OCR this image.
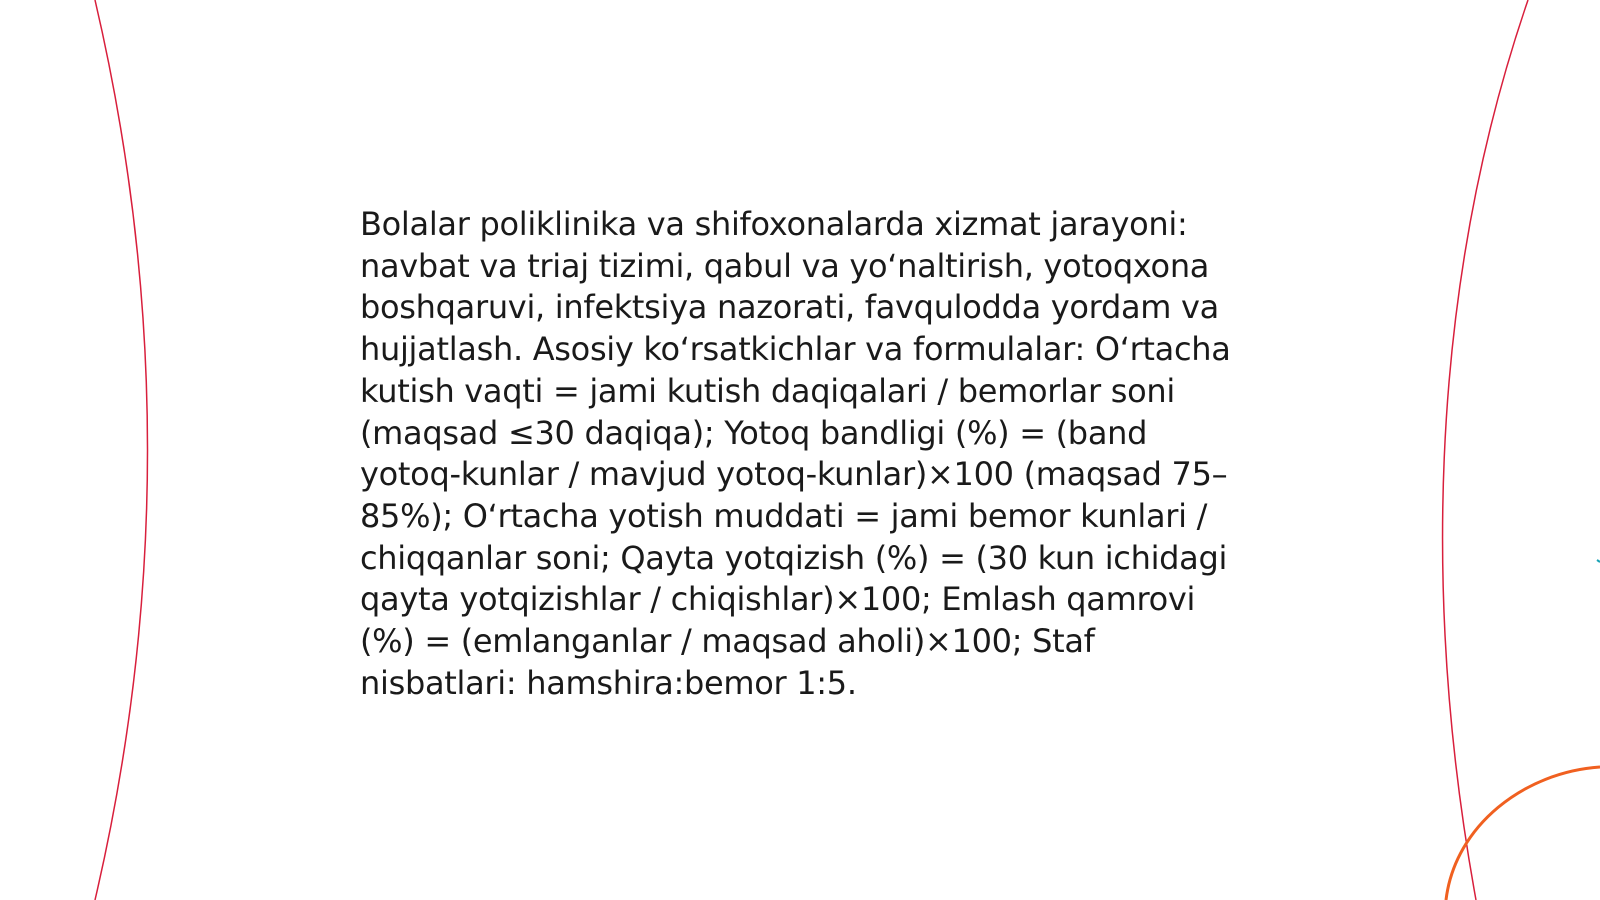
Bolalar poliklinika va shifoxonalarda xizmat jarayoni: navbat va triaj tizimi, qabul va yo‘naltirish, yotoqxona boshqaruvi, infektsiya nazorati, favqulodda yordam va hujjatlash. Asosiy ko‘rsatkichlar va formulalar: O‘rtacha kutish vaqti = jami kutish daqiqalari / bemorlar soni (maqsad ≤30 daqiqa); Yotoq bandligi (%) = (band yotoq-kunlar / mavjud yotoq-kunlar)×100 (maqsad 75–85%); O‘rtacha yotish muddati = jami bemor kunlari / chiqqanlar soni; Qayta yotqizish (%) = (30 kun ichidagi qayta yotqizishlar / chiqishlar)×100; Emlash qamrovi (%) = (emlanganlar / maqsad aholi)×100; Staf nisbatlari: hamshira:bemor 1:5.
